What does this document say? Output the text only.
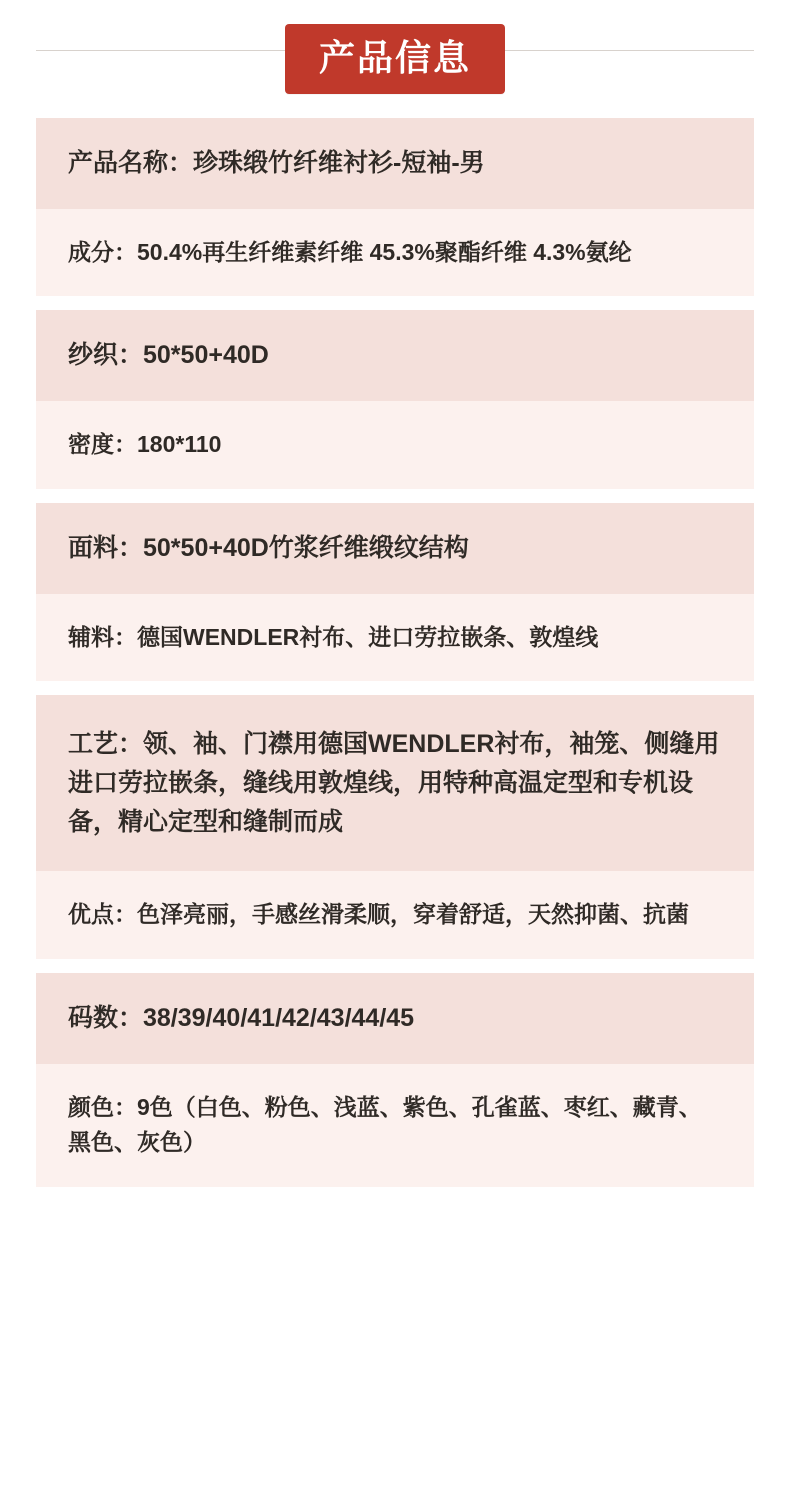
产品信息
产品名称：珍珠缎竹纤维衬衫-短袖-男
成分：50.4%再生纤维素纤维 45.3%聚酯纤维 4.3%氨纶
纱织：50*50+40D
密度：180*110
面料：50*50+40D竹浆纤维缎纹结构
辅料：德国WENDLER衬布、进口劳拉嵌条、敦煌线
工艺：领、袖、门襟用德国WENDLER衬布，袖笼、侧缝用进口劳拉嵌条，缝线用敦煌线，用特种高温定型和专机设备，精心定型和缝制而成
优点：色泽亮丽，手感丝滑柔顺，穿着舒适，天然抑菌、抗菌
码数：38/39/40/41/42/43/44/45
颜色：9色（白色、粉色、浅蓝、紫色、孔雀蓝、枣红、藏青、黑色、灰色）
